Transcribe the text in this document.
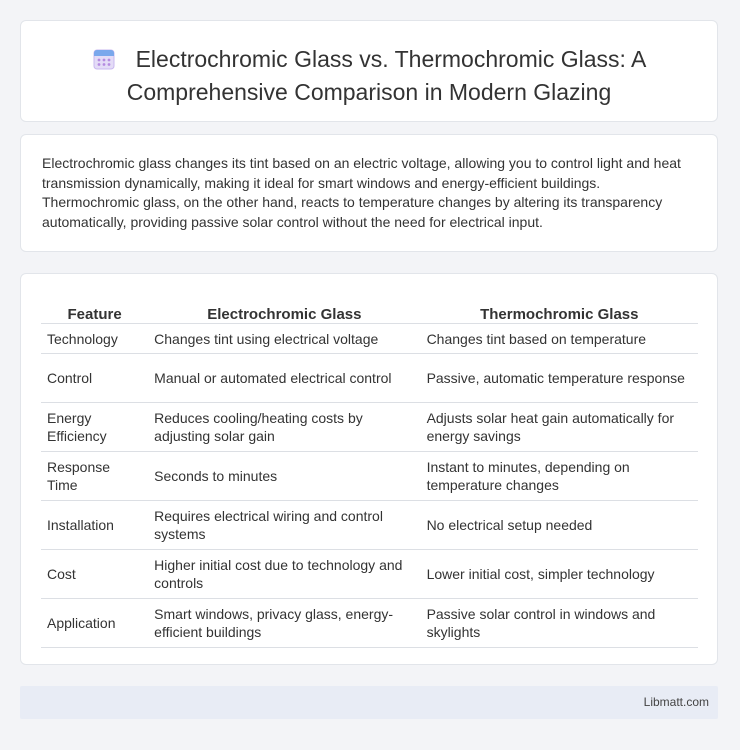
Electrochromic Glass vs. Thermochromic Glass: A
Comprehensive Comparison in Modern Glazing

Electrochromic glass changes its tint based on an electric voltage, allowing you to control light and heat transmission dynamically, making it ideal for smart windows and energy-efficient buildings. Thermochromic glass, on the other hand, reacts to temperature changes by altering its transparency automatically, providing passive solar control without the need for electrical input.

Feature	Electrochromic Glass	Thermochromic Glass
Technology	Changes tint using electrical voltage	Changes tint based on temperature
Control	Manual or automated electrical control	Passive, automatic temperature response
Energy Efficiency	Reduces cooling/heating costs by adjusting solar gain	Adjusts solar heat gain automatically for energy savings
Response Time	Seconds to minutes	Instant to minutes, depending on temperature changes
Installation	Requires electrical wiring and control systems	No electrical setup needed
Cost	Higher initial cost due to technology and controls	Lower initial cost, simpler technology
Application	Smart windows, privacy glass, energy-efficient buildings	Passive solar control in windows and skylights
Libmatt.com
